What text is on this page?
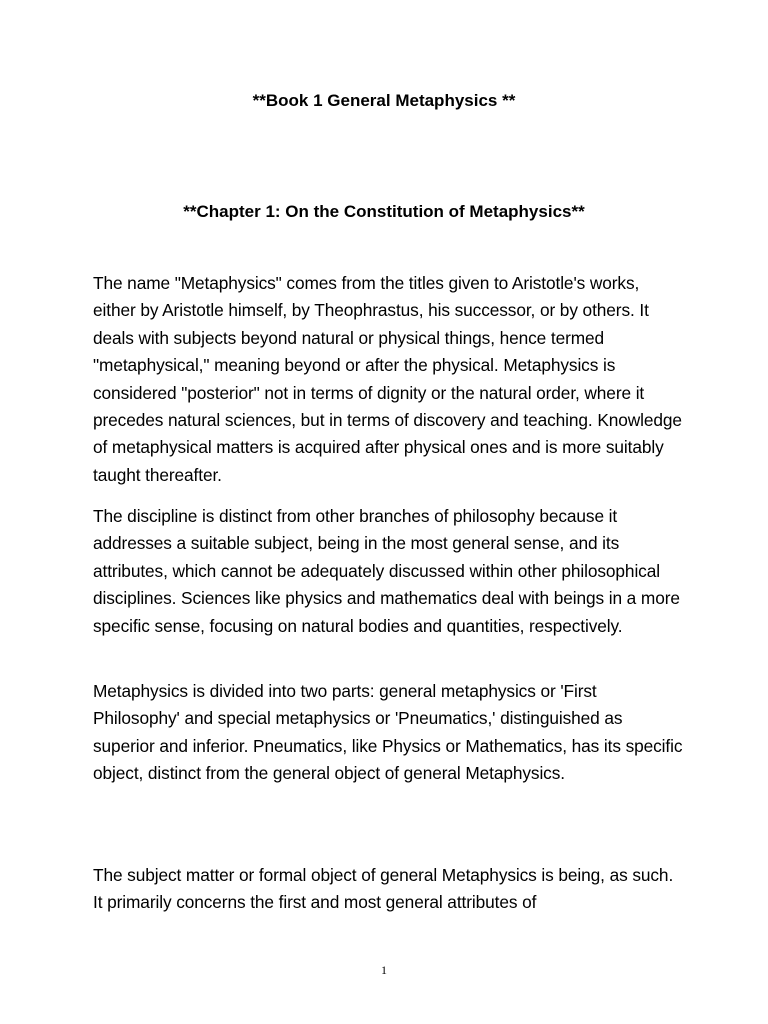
**Book 1 General Metaphysics **
**Chapter 1: On the Constitution of Metaphysics**

The name "Metaphysics" comes from the titles given to Aristotle's works, either by Aristotle himself, by Theophrastus, his successor, or by others. It deals with subjects beyond natural or physical things, hence termed "metaphysical," meaning beyond or after the physical. Metaphysics is considered "posterior" not in terms of dignity or the natural order, where it precedes natural sciences, but in terms of discovery and teaching. Knowledge of metaphysical matters is acquired after physical ones and is more suitably taught thereafter.

The discipline is distinct from other branches of philosophy because it addresses a suitable subject, being in the most general sense, and its attributes, which cannot be adequately discussed within other philosophical disciplines. Sciences like physics and mathematics deal with beings in a more specific sense, focusing on natural bodies and quantities, respectively.

Metaphysics is divided into two parts: general metaphysics or 'First Philosophy' and special metaphysics or 'Pneumatics,' distinguished as superior and inferior. Pneumatics, like Physics or Mathematics, has its specific object, distinct from the general object of general Metaphysics.

The subject matter or formal object of general Metaphysics is being, as such. It primarily concerns the first and most general attributes of

1
